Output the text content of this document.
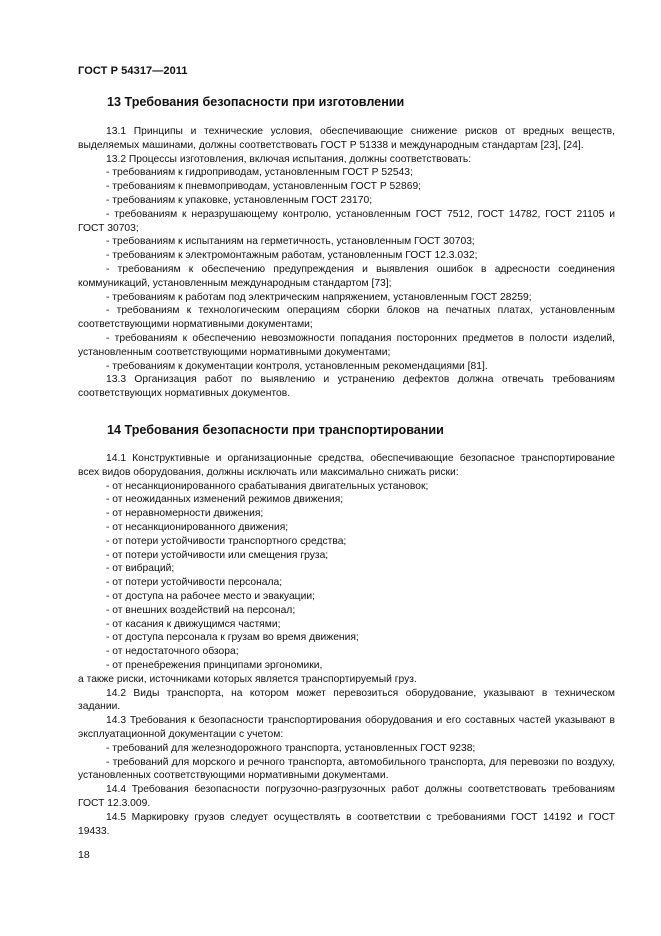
ГОСТ Р 54317—2011
13 Требования безопасности при изготовлении

13.1 Принципы и технические условия, обеспечивающие снижение рисков от вредных веществ, выделяемых машинами, должны соответствовать ГОСТ Р 51338 и международным стандартам [23], [24].

13.2 Процессы изготовления, включая испытания, должны соответствовать:

- требованиям к гидроприводам, установленным ГОСТ Р 52543;

- требованиям к пневмоприводам, установленным ГОСТ Р 52869;

- требованиям к упаковке, установленным ГОСТ 23170;

- требованиям к неразрушающему контролю, установленным ГОСТ 7512, ГОСТ 14782, ГОСТ 21105 и ГОСТ 30703;

- требованиям к испытаниям на герметичность, установленным ГОСТ 30703;

- требованиям к электромонтажным работам, установленным ГОСТ 12.3.032;

- требованиям к обеспечению предупреждения и выявления ошибок в адресности соединения коммуникаций, установленным международным стандартом [73];

- требованиям к работам под электрическим напряжением, установленным ГОСТ 28259;

- требованиям к технологическим операциям сборки блоков на печатных платах, установленным соответствующими нормативными документами;

- требованиям к обеспечению невозможности попадания посторонних предметов в полости изделий, установленным соответствующими нормативными документами;

- требованиям к документации контроля, установленным рекомендациями [81].

13.3 Организация работ по выявлению и устранению дефектов должна отвечать требованиям соответствующих нормативных документов.

14 Требования безопасности при транспортировании

14.1 Конструктивные и организационные средства, обеспечивающие безопасное транспортирование всех видов оборудования, должны исключать или максимально снижать риски:

- от несанкционированного срабатывания двигательных установок;

- от неожиданных изменений режимов движения;

- от неравномерности движения;

- от несанкционированного движения;

- от потери устойчивости транспортного средства;

- от потери устойчивости или смещения груза;

- от вибраций;

- от потери устойчивости персонала;

- от доступа на рабочее место и эвакуации;

- от внешних воздействий на персонал;

- от касания к движущимся частями;

- от доступа персонала к грузам во время движения;

- от недостаточного обзора;

- от пренебрежения принципами эргономики,

а также риски, источниками которых является транспортируемый груз.

14.2 Виды транспорта, на котором может перевозиться оборудование, указывают в техническом задании.

14.3 Требования к безопасности транспортирования оборудования и его составных частей указывают в эксплуатационной документации с учетом:

- требований для железнодорожного транспорта, установленных ГОСТ 9238;

- требований для морского и речного транспорта, автомобильного транспорта, для перевозки по воздуху, установленных соответствующими нормативными документами.

14.4 Требования безопасности погрузочно-разгрузочных работ должны соответствовать требованиям ГОСТ 12.3.009.

14.5 Маркировку грузов следует осуществлять в соответствии с требованиями ГОСТ 14192 и ГОСТ 19433.

18
